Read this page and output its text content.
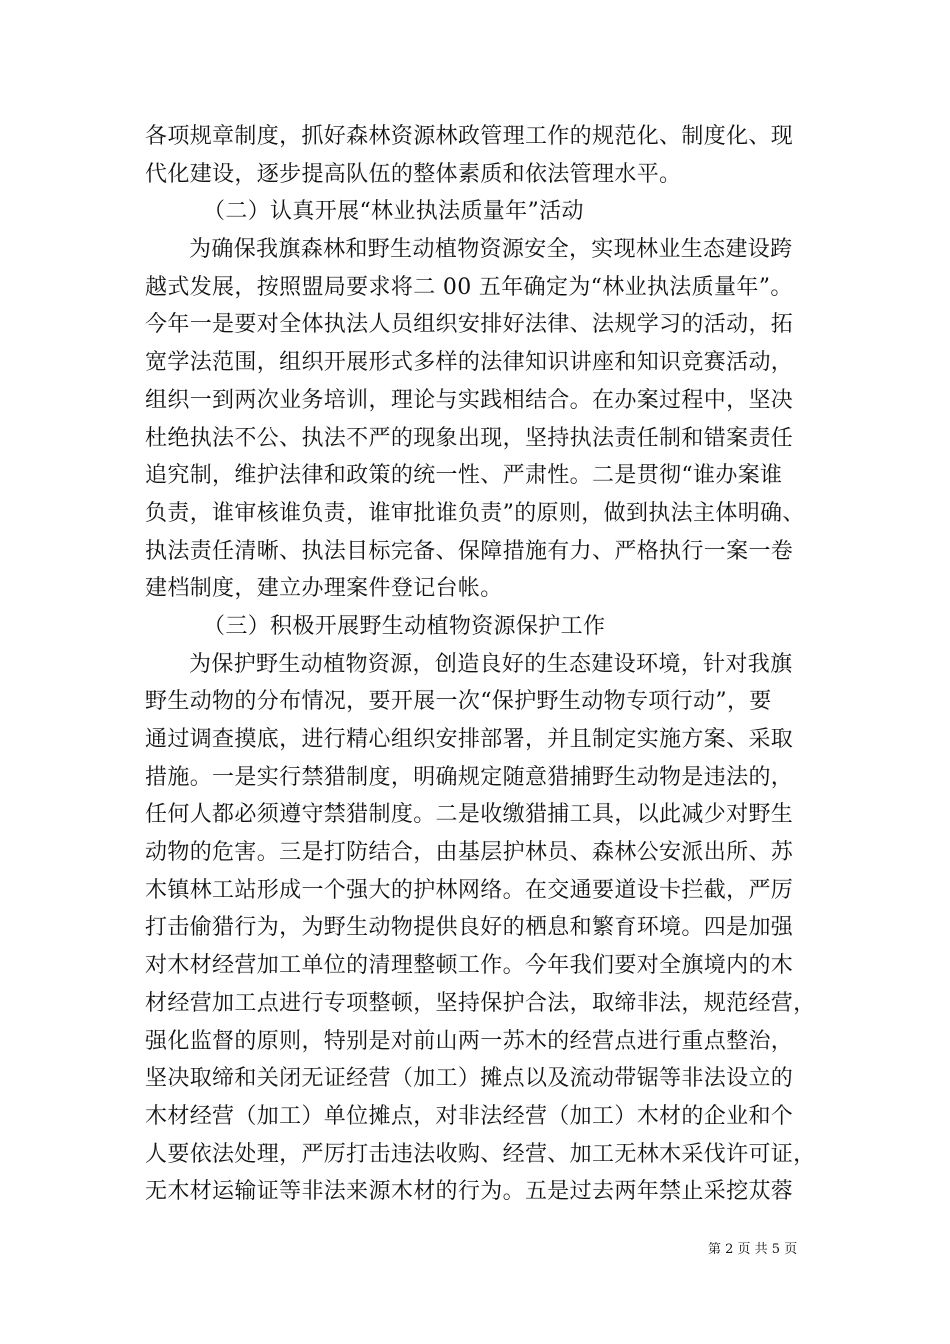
各项规章制度，抓好森林资源林政管理工作的规范化、制度化、现
代化建设，逐步提高队伍的整体素质和依法管理水平。
（二）认真开展“林业执法质量年”活动
为确保我旗森林和野生动植物资源安全，实现林业生态建设跨
越式发展，按照盟局要求将二 00 五年确定为“林业执法质量年”。
今年一是要对全体执法人员组织安排好法律、法规学习的活动，拓
宽学法范围，组织开展形式多样的法律知识讲座和知识竞赛活动，
组织一到两次业务培训，理论与实践相结合。在办案过程中，坚决
杜绝执法不公、执法不严的现象出现，坚持执法责任制和错案责任
追究制，维护法律和政策的统一性、严肃性。二是贯彻“谁办案谁
负责，谁审核谁负责，谁审批谁负责”的原则，做到执法主体明确、
执法责任清晰、执法目标完备、保障措施有力、严格执行一案一卷
建档制度，建立办理案件登记台帐。
（三）积极开展野生动植物资源保护工作
为保护野生动植物资源，创造良好的生态建设环境，针对我旗
野生动物的分布情况，要开展一次“保护野生动物专项行动”，要
通过调查摸底，进行精心组织安排部署，并且制定实施方案、采取
措施。一是实行禁猎制度，明确规定随意猎捕野生动物是违法的，
任何人都必须遵守禁猎制度。二是收缴猎捕工具，以此减少对野生
动物的危害。三是打防结合，由基层护林员、森林公安派出所、苏
木镇林工站形成一个强大的护林网络。在交通要道设卡拦截，严厉
打击偷猎行为，为野生动物提供良好的栖息和繁育环境。四是加强
对木材经营加工单位的清理整顿工作。今年我们要对全旗境内的木
材经营加工点进行专项整顿，坚持保护合法，取缔非法，规范经营，
强化监督的原则，特别是对前山两一苏木的经营点进行重点整治，
坚决取缔和关闭无证经营（加工）摊点以及流动带锯等非法设立的
木材经营（加工）单位摊点，对非法经营（加工）木材的企业和个
人要依法处理，严厉打击违法收购、经营、加工无林木采伐许可证，
无木材运输证等非法来源木材的行为。五是过去两年禁止采挖苁蓉
第 2 页 共 5 页
